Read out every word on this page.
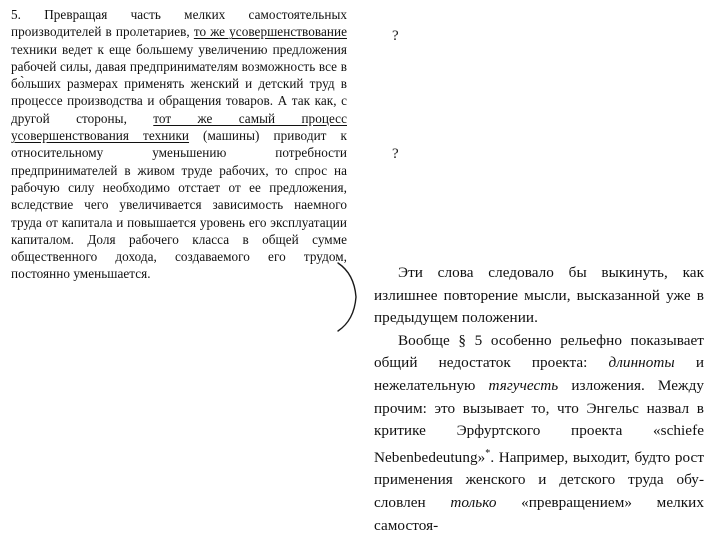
5. Превращая часть мелких самостоятельных производителей в пролетариев, то же усовершенствование техники ведет к еще большему увеличению предложения рабочей силы, давая предпринимателям возможность все в бо̀льших размерах применять женский и детский труд в процессе производства и обращения товаров. А так как, с другой стороны, тот же самый процесс усовершенствования техники (машины) приводит к относительному уменьшению потребности предпринимателей в живом труде рабочих, то спрос на рабочую силу необходимо отстает от ее предложения, вследствие чего увеличивается зависимость наемного труда от капитала и повышается уровень его эксплуатации капиталом. Доля рабочего класса в общей сумме общественного дохода, создаваемого его трудом, постоянно уменьшается.

?
?

Эти слова следовало бы выкинуть, как излишнее повторение мысли, высказанной уже в предыдущем положении.

Вообще § 5 особенно рельефно показывает общий недостаток проекта: длинноты и нежелательную тягучесть изложения. Между прочим: это вызывает то, что Энгельс назвал в критике Эрфуртского проекта «schiefe Nebenbedeutung»*. Например, выходит, будто рост применения женского и детского труда обусловлен только «превращением» мелких самостоя-
